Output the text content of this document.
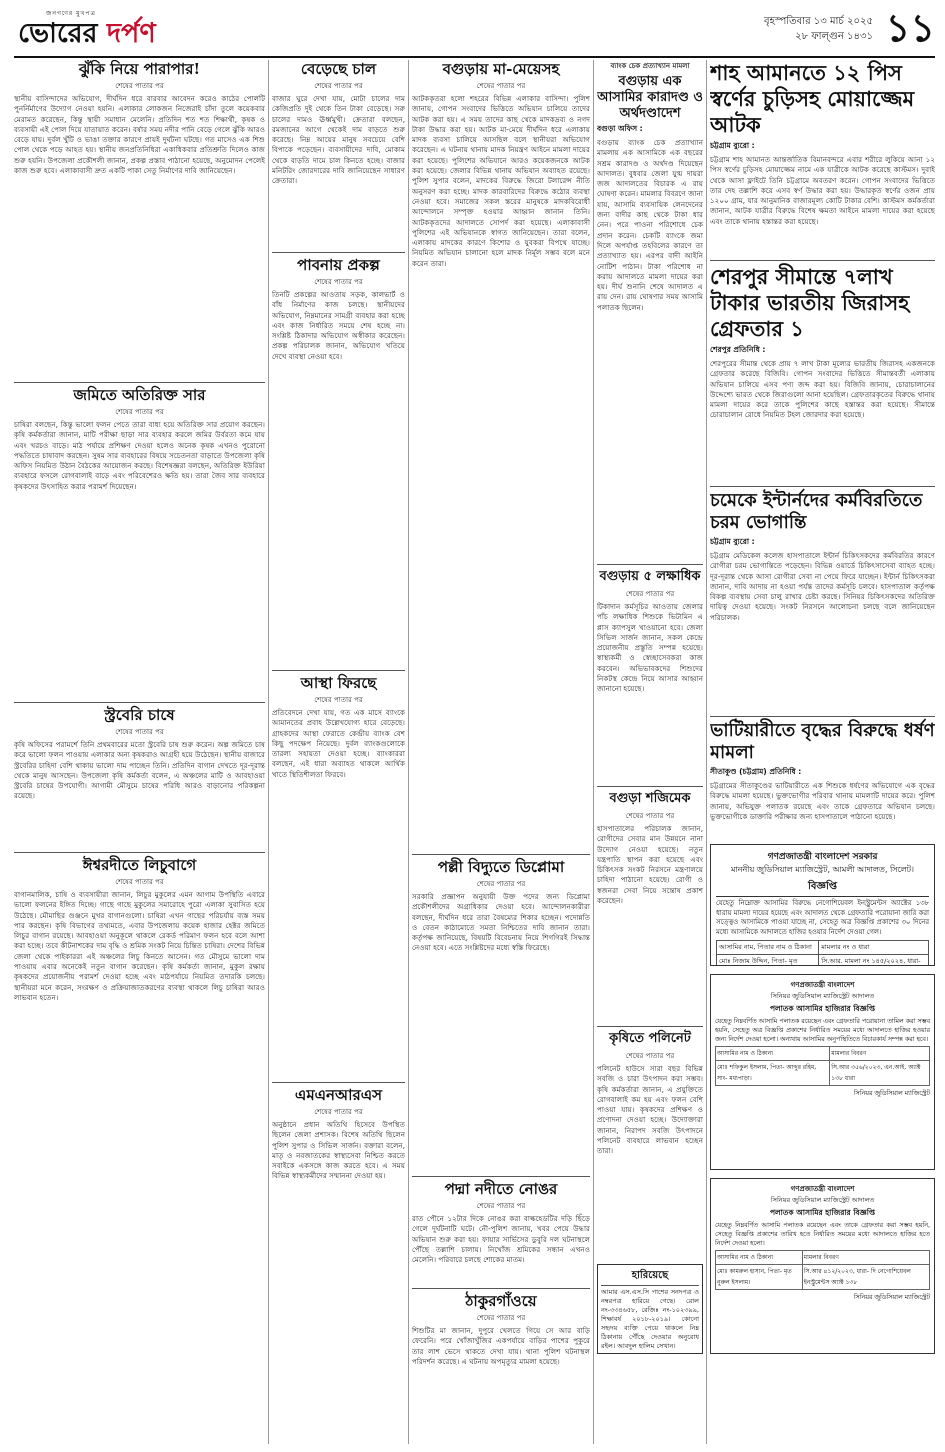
জনগণের মুখপত্র
ভোরের দর্পণ	বৃহস্পতিবার ১৩ মার্চ ২০২৫
২৮ ফাল্গুন ১৪৩১ ১১
ঝুঁকি নিয়ে পারাপার!
শেষের পাতার পর

স্থানীয় বাসিন্দাদের অভিযোগ, দীর্ঘদিন ধরে বারবার আবেদন করেও কাঠের পোলটি পুনর্নির্মাণের উদ্যোগ নেওয়া হয়নি। এলাকার লোকজন নিজেরাই চাঁদা তুলে কয়েকবার মেরামত করেছেন, কিন্তু স্থায়ী সমাধান মেলেনি। প্রতিদিন শত শত শিক্ষার্থী, কৃষক ও ব্যবসায়ী এই পোল দিয়ে যাতায়াত করেন। বর্ষার সময় নদীর পানি বেড়ে গেলে ঝুঁকি আরও বেড়ে যায়। দুর্বল খুঁটি ও ভাঙা তক্তার কারণে প্রায়ই দুর্ঘটনা ঘটছে। গত মাসেও এক শিশু পোল থেকে পড়ে আহত হয়। স্থানীয় জনপ্রতিনিধিরা একাধিকবার প্রতিশ্রুতি দিলেও কাজ শুরু হয়নি। উপজেলা প্রকৌশলী জানান, প্রকল্প প্রস্তাব পাঠানো হয়েছে, অনুমোদন পেলেই কাজ শুরু হবে। এলাকাবাসী দ্রুত একটি পাকা সেতু নির্মাণের দাবি জানিয়েছেন।

জমিতে অতিরিক্ত সার
শেষের পাতার পর

চাষিরা বলছেন, কিন্তু ভালো ফলন পেতে তারা বাধ্য হয়ে অতিরিক্ত সার প্রয়োগ করছেন। কৃষি কর্মকর্তারা জানান, মাটি পরীক্ষা ছাড়া সার ব্যবহার করলে জমির উর্বরতা কমে যায় এবং খরচও বাড়ে। মাঠ পর্যায়ে প্রশিক্ষণ দেওয়া হলেও অনেক কৃষক এখনও পুরোনো পদ্ধতিতে চাষাবাদ করছেন। সুষম সার ব্যবহারের বিষয়ে সচেতনতা বাড়াতে উপজেলা কৃষি অফিস নিয়মিত উঠান বৈঠকের আয়োজন করছে। বিশেষজ্ঞরা বলছেন, অতিরিক্ত ইউরিয়া ব্যবহারে ফসলে রোগবালাই বাড়ে এবং পরিবেশেরও ক্ষতি হয়। তারা জৈব সার ব্যবহারে কৃষকদের উৎসাহিত করার পরামর্শ দিয়েছেন।

স্ট্রবেরি চাষে
শেষের পাতার পর

কৃষি অফিসের পরামর্শে তিনি প্রথমবারের মতো স্ট্রবেরি চাষ শুরু করেন। অল্প জমিতে চাষ করে ভালো ফলন পাওয়ায় এলাকার অন্য কৃষকরাও আগ্রহী হয়ে উঠেছেন। স্থানীয় বাজারে স্ট্রবেরির চাহিদা বেশি থাকায় ভালো দাম পাচ্ছেন তিনি। প্রতিদিন বাগান দেখতে দূর-দূরান্ত থেকে মানুষ আসছেন। উপজেলা কৃষি কর্মকর্তা বলেন, এ অঞ্চলের মাটি ও আবহাওয়া স্ট্রবেরি চাষের উপযোগী। আগামী মৌসুমে চাষের পরিধি আরও বাড়ানোর পরিকল্পনা রয়েছে।

ঈশ্বরদীতে লিচুবাগে
শেষের পাতার পর

বাগানমালিক, চাষি ও ব্যবসায়ীরা জানান, লিচুর মুকুলের এমন আগাম উপস্থিতি এবারে ভালো ফলনের ইঙ্গিত দিচ্ছে। গাছে গাছে মুকুলের সমারোহে পুরো এলাকা সুবাসিত হয়ে উঠেছে। মৌমাছির গুঞ্জনে মুখর বাগানগুলো। চাষিরা এখন গাছের পরিচর্যায় ব্যস্ত সময় পার করছেন। কৃষি বিভাগের তথ্যমতে, এবার উপজেলায় কয়েক হাজার হেক্টর জমিতে লিচুর বাগান রয়েছে। আবহাওয়া অনুকূলে থাকলে রেকর্ড পরিমাণ ফলন হবে বলে আশা করা হচ্ছে। তবে কীটনাশকের দাম বৃদ্ধি ও শ্রমিক সংকট নিয়ে চিন্তিত চাষিরা। দেশের বিভিন্ন জেলা থেকে পাইকাররা এই অঞ্চলের লিচু কিনতে আসেন। গত মৌসুমে ভালো দাম পাওয়ায় এবার অনেকেই নতুন বাগান করেছেন। কৃষি কর্মকর্তা জানান, মুকুল রক্ষায় কৃষকদের প্রয়োজনীয় পরামর্শ দেওয়া হচ্ছে এবং মাঠপর্যায়ে নিয়মিত তদারকি চলছে। স্থানীয়রা মনে করেন, সংরক্ষণ ও প্রক্রিয়াজাতকরণের ব্যবস্থা থাকলে লিচু চাষিরা আরও লাভবান হতেন।

বেড়েছে চাল
শেষের পাতার পর

বাজার ঘুরে দেখা যায়, মোটা চালের দাম কেজিপ্রতি দুই থেকে তিন টাকা বেড়েছে। সরু চালের দামও ঊর্ধ্বমুখী। ক্রেতারা বলছেন, রমজানের আগে থেকেই দাম বাড়তে শুরু করেছে। নিম্ন আয়ের মানুষ সবচেয়ে বেশি বিপাকে পড়েছেন। ব্যবসায়ীদের দাবি, মোকাম থেকে বাড়তি দামে চাল কিনতে হচ্ছে। বাজার মনিটরিং জোরদারের দাবি জানিয়েছেন সাধারণ ক্রেতারা।

পাবনায় প্রকল্প
শেষের পাতার পর

তিনটি প্রকল্পের আওতায় সড়ক, কালভার্ট ও বাঁধ নির্মাণের কাজ চলছে। স্থানীয়দের অভিযোগ, নিম্নমানের সামগ্রী ব্যবহার করা হচ্ছে এবং কাজ নির্ধারিত সময়ে শেষ হচ্ছে না। সংশ্লিষ্ট ঠিকাদার অভিযোগ অস্বীকার করেছেন। প্রকল্প পরিচালক জানান, অভিযোগ খতিয়ে দেখে ব্যবস্থা নেওয়া হবে।

আস্থা ফিরছে
শেষের পাতার পর

প্রতিবেদনে দেখা যায়, গত এক মাসে ব্যাংকে আমানতের প্রবাহ উল্লেখযোগ্য হারে বেড়েছে। গ্রাহকদের আস্থা ফেরাতে কেন্দ্রীয় ব্যাংক বেশ কিছু পদক্ষেপ নিয়েছে। দুর্বল ব্যাংকগুলোকে তারল্য সহায়তা দেওয়া হচ্ছে। ব্যাংকাররা বলছেন, এই ধারা অব্যাহত থাকলে আর্থিক খাতে স্থিতিশীলতা ফিরবে।

এমএনআরএস
শেষের পাতার পর

অনুষ্ঠানে প্রধান অতিথি হিসেবে উপস্থিত ছিলেন জেলা প্রশাসক। বিশেষ অতিথি ছিলেন পুলিশ সুপার ও সিভিল সার্জন। বক্তারা বলেন, মাতৃ ও নবজাতকের স্বাস্থ্যসেবা নিশ্চিত করতে সবাইকে একসঙ্গে কাজ করতে হবে। এ সময় বিভিন্ন স্বাস্থ্যকর্মীদের সম্মাননা দেওয়া হয়।

বগুড়ায় মা-মেয়েসহ
শেষের পাতার পর

আটককৃতরা হলো শহরের বিভিন্ন এলাকার বাসিন্দা। পুলিশ জানায়, গোপন সংবাদের ভিত্তিতে অভিযান চালিয়ে তাদের আটক করা হয়। এ সময় তাদের কাছ থেকে মাদকদ্রব্য ও নগদ টাকা উদ্ধার করা হয়। আটক মা-মেয়ে দীর্ঘদিন ধরে এলাকায় মাদক ব্যবসা চালিয়ে আসছিল বলে স্থানীয়রা অভিযোগ করেছেন। এ ঘটনায় থানায় মাদক নিয়ন্ত্রণ আইনে মামলা দায়ের করা হয়েছে। পুলিশের অভিযানে আরও কয়েকজনকে আটক করা হয়েছে। জেলার বিভিন্ন থানায় অভিযান অব্যাহত রয়েছে। পুলিশ সুপার বলেন, মাদকের বিরুদ্ধে জিরো টলারেন্স নীতি অনুসরণ করা হচ্ছে। মাদক কারবারিদের বিরুদ্ধে কঠোর ব্যবস্থা নেওয়া হবে। সমাজের সকল স্তরের মানুষকে মাদকবিরোধী আন্দোলনে সম্পৃক্ত হওয়ার আহ্বান জানান তিনি। আটককৃতদের আদালতে সোপর্দ করা হয়েছে। এলাকাবাসী পুলিশের এই অভিযানকে স্বাগত জানিয়েছেন। তারা বলেন, এলাকায় মাদকের কারণে কিশোর ও যুবকরা বিপথে যাচ্ছে। নিয়মিত অভিযান চালানো হলে মাদক নির্মূল সম্ভব বলে মনে করেন তারা।

পল্লী বিদ্যুতে ডিপ্লোমা
শেষের পাতার পর

সরকারি প্রজ্ঞাপন অনুযায়ী উক্ত পদের জন্য ডিপ্লোমা প্রকৌশলীদের অগ্রাধিকার দেওয়া হবে। আন্দোলনকারীরা বলছেন, দীর্ঘদিন ধরে তারা বৈষম্যের শিকার হচ্ছেন। পদোন্নতি ও বেতন কাঠামোতে সমতা নিশ্চিতের দাবি জানান তারা। কর্তৃপক্ষ জানিয়েছে, বিষয়টি বিবেচনায় নিয়ে শিগগিরই সিদ্ধান্ত নেওয়া হবে। এতে সংশ্লিষ্টদের মধ্যে স্বস্তি ফিরেছে।

পদ্মা নদীতে নোঙর
শেষের পাতার পর

রাত পৌনে ১২টার দিকে নোঙর করা বাল্কহেডটির দড়ি ছিঁড়ে গেলে দুর্ঘটনাটি ঘটে। নৌ-পুলিশ জানায়, খবর পেয়ে উদ্ধার অভিযান শুরু করা হয়। ফায়ার সার্ভিসের ডুবুরি দল ঘটনাস্থলে পৌঁছে তল্লাশি চালায়। নিখোঁজ শ্রমিকের সন্ধান এখনও মেলেনি। পরিবারে চলছে শোকের মাতম।

ঠাকুরগাঁওয়ে
শেষের পাতার পর

শিশুটির মা জানান, দুপুরে খেলতে গিয়ে সে আর বাড়ি ফেরেনি। পরে খোঁজাখুঁজির একপর্যায়ে বাড়ির পাশের পুকুরে তার লাশ ভেসে থাকতে দেখা যায়। থানা পুলিশ ঘটনাস্থল পরিদর্শন করেছে। এ ঘটনায় অপমৃত্যুর মামলা হয়েছে।

ব্যাংক চেক প্রত্যাখ্যান মামলা
বগুড়ায় এক আসামির কারাদণ্ড ও অর্থদণ্ডাদেশ
বগুড়া অফিস :

বগুড়ায় ব্যাংক চেক প্রত্যাখ্যান মামলায় এক আসামিকে এক বছরের সশ্রম কারাদণ্ড ও অর্থদণ্ড দিয়েছেন আদালত। বুধবার জেলা যুগ্ম দায়রা জজ আদালতের বিচারক এ রায় ঘোষণা করেন। মামলার বিবরণে জানা যায়, আসামি ব্যবসায়িক লেনদেনের জন্য বাদীর কাছ থেকে টাকা ধার নেন। পরে পাওনা পরিশোধে চেক প্রদান করেন। চেকটি ব্যাংকে জমা দিলে অপর্যাপ্ত তহবিলের কারণে তা প্রত্যাখ্যাত হয়। এরপর বাদী আইনি নোটিশ পাঠান। টাকা পরিশোধ না করায় আদালতে মামলা দায়ের করা হয়। দীর্ঘ শুনানি শেষে আদালত এ রায় দেন। রায় ঘোষণার সময় আসামি পলাতক ছিলেন।

বগুড়ায় ৫ লক্ষাধিক
শেষের পাতার পর

টিকাদান কর্মসূচির আওতায় জেলার পাঁচ লক্ষাধিক শিশুকে ভিটামিন এ প্লাস ক্যাপসুল খাওয়ানো হবে। জেলা সিভিল সার্জন জানান, সকল কেন্দ্রে প্রয়োজনীয় প্রস্তুতি সম্পন্ন হয়েছে। স্বাস্থ্যকর্মী ও স্বেচ্ছাসেবকরা কাজ করবেন। অভিভাবকদের শিশুদের নিকটস্থ কেন্দ্রে নিয়ে আসার আহ্বান জানানো হয়েছে।

বগুড়া শজিমেক
শেষের পাতার পর

হাসপাতালের পরিচালক জানান, রোগীদের সেবার মান উন্নয়নে নানা উদ্যোগ নেওয়া হয়েছে। নতুন যন্ত্রপাতি স্থাপন করা হয়েছে এবং চিকিৎসক সংকট নিরসনে মন্ত্রণালয়ে চাহিদা পাঠানো হয়েছে। রোগী ও স্বজনরা সেবা নিয়ে সন্তোষ প্রকাশ করেছেন।

কৃষিতে পলিনেট
শেষের পাতার পর

পলিনেট হাউসে সারা বছর বিভিন্ন সবজি ও চারা উৎপাদন করা সম্ভব। কৃষি কর্মকর্তারা জানান, এ প্রযুক্তিতে রোগবালাই কম হয় এবং ফলন বেশি পাওয়া যায়। কৃষকদের প্রশিক্ষণ ও প্রণোদনা দেওয়া হচ্ছে। উদ্যোক্তারা জানান, নিরাপদ সবজি উৎপাদনে পলিনেট ব্যবহারে লাভবান হচ্ছেন তারা।

হারিয়েছে

আমার এস.এস.সি পাশের সনদপত্র ও নম্বরপত্র হারিয়ে গেছে। রোল নং-৩৩৪৬৫৮, রেজিঃ নং-১০২৩৯৯, শিক্ষাবর্ষ ২০১৮-২০১৯। কোনো সহৃদয় ব্যক্তি পেয়ে থাকলে নিম্ন ঠিকানায় পৌঁছে দেওয়ার অনুরোধ রইল। আবদুল হালিম সেখান।

শাহ আমানতে ১২ পিস স্বর্ণের চুড়িসহ মোয়াজ্জেম আটক
চট্টগ্রাম ব্যুরো :

চট্টগ্রাম শাহ আমানত আন্তর্জাতিক বিমানবন্দরে এবার শরীরে লুকিয়ে আনা ১২ পিস স্বর্ণের চুড়িসহ মোয়াজ্জেম নামে এক যাত্রীকে আটক করেছে কাস্টমস। দুবাই থেকে আসা ফ্লাইটে তিনি চট্টগ্রামে অবতরণ করেন। গোপন সংবাদের ভিত্তিতে তার দেহ তল্লাশি করে এসব স্বর্ণ উদ্ধার করা হয়। উদ্ধারকৃত স্বর্ণের ওজন প্রায় ১২০০ গ্রাম, যার আনুমানিক বাজারমূল্য কোটি টাকার বেশি। কাস্টমস কর্মকর্তারা জানান, আটক যাত্রীর বিরুদ্ধে বিশেষ ক্ষমতা আইনে মামলা দায়ের করা হয়েছে এবং তাকে থানায় হস্তান্তর করা হয়েছে।

শেরপুর সীমান্তে ৭লাখ টাকার ভারতীয় জিরাসহ গ্রেফতার ১
শেরপুর প্রতিনিধি :

শেরপুরের সীমান্ত থেকে প্রায় ৭ লাখ টাকা মূল্যের ভারতীয় জিরাসহ একজনকে গ্রেফতার করেছে বিজিবি। গোপন সংবাদের ভিত্তিতে সীমান্তবর্তী এলাকায় অভিযান চালিয়ে এসব পণ্য জব্দ করা হয়। বিজিবি জানায়, চোরাচালানের উদ্দেশ্যে ভারত থেকে জিরাগুলো আনা হয়েছিল। গ্রেফতারকৃতের বিরুদ্ধে থানায় মামলা দায়ের করে তাকে পুলিশের কাছে হস্তান্তর করা হয়েছে। সীমান্তে চোরাচালান রোধে নিয়মিত টহল জোরদার করা হয়েছে।

চমেকে ইন্টার্নদের কর্মবিরতিতে চরম ভোগান্তি
চট্টগ্রাম ব্যুরো :

চট্টগ্রাম মেডিকেল কলেজ হাসপাতালে ইন্টার্ন চিকিৎসকদের কর্মবিরতির কারণে রোগীরা চরম ভোগান্তিতে পড়েছেন। বিভিন্ন ওয়ার্ডে চিকিৎসাসেবা ব্যাহত হচ্ছে। দূর-দূরান্ত থেকে আসা রোগীরা সেবা না পেয়ে ফিরে যাচ্ছেন। ইন্টার্ন চিকিৎসকরা জানান, দাবি আদায় না হওয়া পর্যন্ত তাদের কর্মসূচি চলবে। হাসপাতাল কর্তৃপক্ষ বিকল্প ব্যবস্থায় সেবা চালু রাখার চেষ্টা করছে। সিনিয়র চিকিৎসকদের অতিরিক্ত দায়িত্ব দেওয়া হয়েছে। সংকট নিরসনে আলোচনা চলছে বলে জানিয়েছেন পরিচালক।

ভাটিয়ারীতে বৃদ্ধের বিরুদ্ধে ধর্ষণ মামলা
সীতাকুণ্ড (চট্টগ্রাম) প্রতিনিধি :

চট্টগ্রামের সীতাকুণ্ডের ভাটিয়ারীতে এক শিশুকে ধর্ষণের অভিযোগে এক বৃদ্ধের বিরুদ্ধে মামলা হয়েছে। ভুক্তভোগীর পরিবার থানায় মামলাটি দায়ের করে। পুলিশ জানায়, অভিযুক্ত পলাতক রয়েছে এবং তাকে গ্রেফতারে অভিযান চলছে। ভুক্তভোগীকে ডাক্তারি পরীক্ষার জন্য হাসপাতালে পাঠানো হয়েছে।

গণপ্রজাতন্ত্রী বাংলাদেশ সরকার
মাননীয় জুডিসিয়াল ম্যাজিস্ট্রেট, আমলী আদালত, সিলেট।
বিজ্ঞপ্তি

যেহেতু নিম্নোক্ত আসামির বিরুদ্ধে নেগোশিয়েবল ইনস্ট্রুমেন্টস অ্যাক্টের ১৩৮ ধারায় মামলা দায়ের হয়েছে এবং আদালত থেকে গ্রেফতারি পরোয়ানা জারি করা সত্ত্বেও আসামিকে পাওয়া যাচ্ছে না, সেহেতু অত্র বিজ্ঞপ্তি প্রকাশের ৩০ দিনের মধ্যে আসামিকে আদালতে হাজির হওয়ার নির্দেশ দেওয়া গেল।

আসামির নাম, পিতার নাম ও ঠিকানা	মামলার নং ও ধারা
মোঃ নিজাম উদ্দিন, পিতা- মৃত	সি.আর. মামলা নং ১৪৫/২০২৪, ধারা-
গণপ্রজাতন্ত্রী বাংলাদেশ
সিনিয়র জুডিসিয়াল ম্যাজিস্ট্রেট আদালত
পলাতক আসামির হাজিরার বিজ্ঞপ্তি

যেহেতু নিম্নবর্ণিত আসামি পলাতক রয়েছেন এবং গ্রেফতারি পরোয়ানা তামিল করা সম্ভব হয়নি, সেহেতু অত্র বিজ্ঞপ্তি প্রকাশের নির্ধারিত সময়ের মধ্যে আদালতে হাজির হওয়ার জন্য নির্দেশ দেওয়া হলো। অন্যথায় আসামির অনুপস্থিতিতে বিচারকার্য সম্পন্ন করা হবে।

আসামির নাম ও ঠিকানা	মামলার বিবরণ
মোঃ শফিকুল ইসলাম, পিতা- আব্দুর রহিম, সাং- মধ্যপাড়া।	সি.আর ৩৫৬/২০২৩, এন.আই. অ্যাক্ট ১৩৮ ধারা
সিনিয়র জুডিসিয়াল ম্যাজিস্ট্রেট
গণপ্রজাতন্ত্রী বাংলাদেশ
সিনিয়র জুডিসিয়াল ম্যাজিস্ট্রেট আদালত
পলাতক আসামির হাজিরার বিজ্ঞপ্তি

যেহেতু নিম্নবর্ণিত আসামি পলাতক রয়েছেন এবং তাকে গ্রেফতার করা সম্ভব হয়নি, সেহেতু বিজ্ঞপ্তি প্রকাশের তারিখ হতে নির্ধারিত সময়ের মধ্যে আদালতে হাজির হতে নির্দেশ দেওয়া হলো।

আসামির নাম ও ঠিকানা	মামলার বিবরণ
মোঃ কামরুল হাসান, পিতা- মৃত নুরুল ইসলাম।	সি.আর ৪১২/২০২৩, ধারা- দি নেগোশিয়েবল ইনস্ট্রুমেন্টস অ্যাক্ট ১৩৮
সিনিয়র জুডিসিয়াল ম্যাজিস্ট্রেট
